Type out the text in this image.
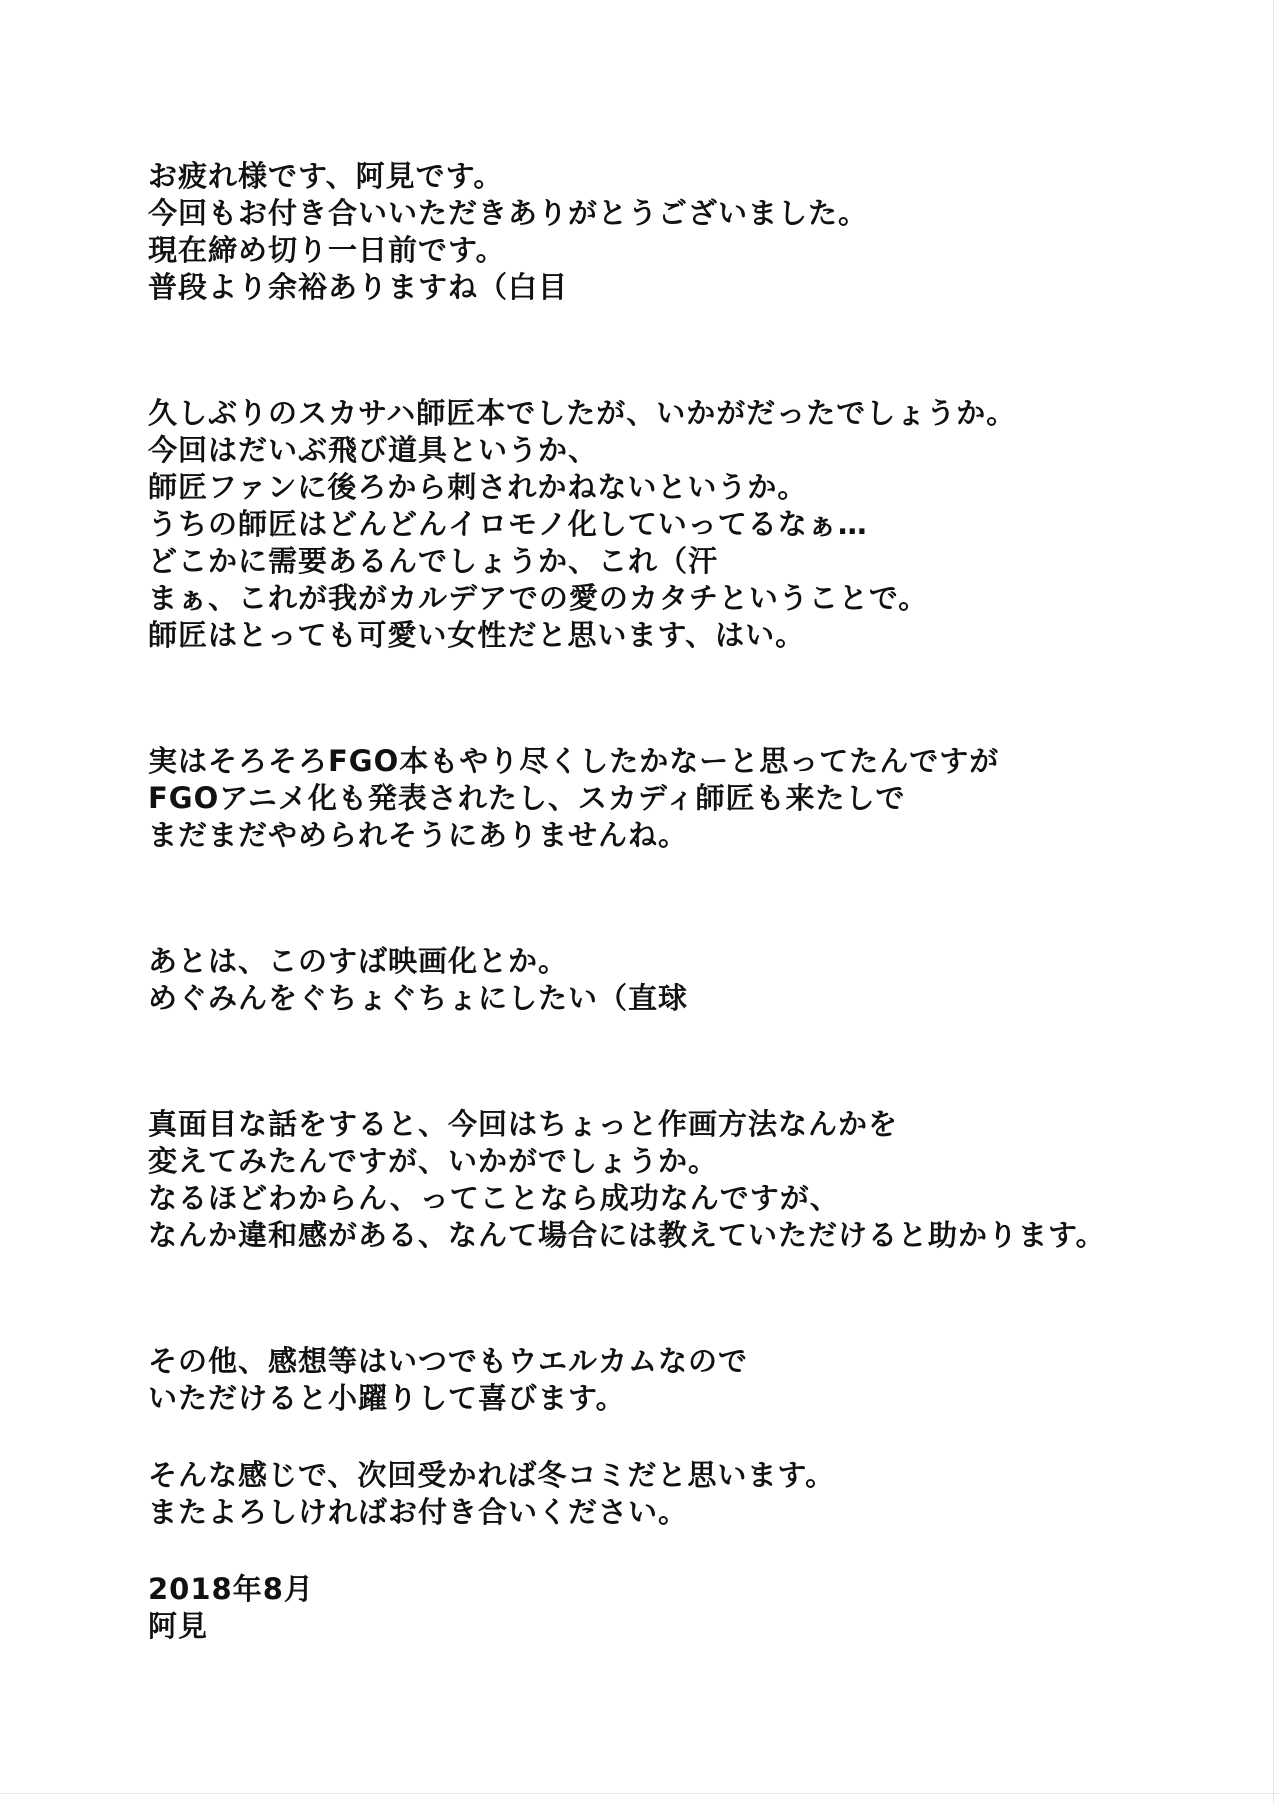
お疲れ様です、阿見です。
今回もお付き合いいただきありがとうございました。
現在締め切り一日前です。
普段より余裕ありますね（白目
久しぶりのスカサハ師匠本でしたが、いかがだったでしょうか。
今回はだいぶ飛び道具というか、
師匠ファンに後ろから刺されかねないというか。
うちの師匠はどんどんイロモノ化していってるなぁ…
どこかに需要あるんでしょうか、これ（汗
まぁ、これが我がカルデアでの愛のカタチということで。
師匠はとっても可愛い女性だと思います、はい。
実はそろそろFGO本もやり尽くしたかなーと思ってたんですが
FGOアニメ化も発表されたし、スカディ師匠も来たしで
まだまだやめられそうにありませんね。
あとは、このすば映画化とか。
めぐみんをぐちょぐちょにしたい（直球
真面目な話をすると、今回はちょっと作画方法なんかを
変えてみたんですが、いかがでしょうか。
なるほどわからん、ってことなら成功なんですが、
なんか違和感がある、なんて場合には教えていただけると助かります。
その他、感想等はいつでもウエルカムなので
いただけると小躍りして喜びます。
そんな感じで、次回受かれば冬コミだと思います。
またよろしければお付き合いください。
2018年8月
阿見
